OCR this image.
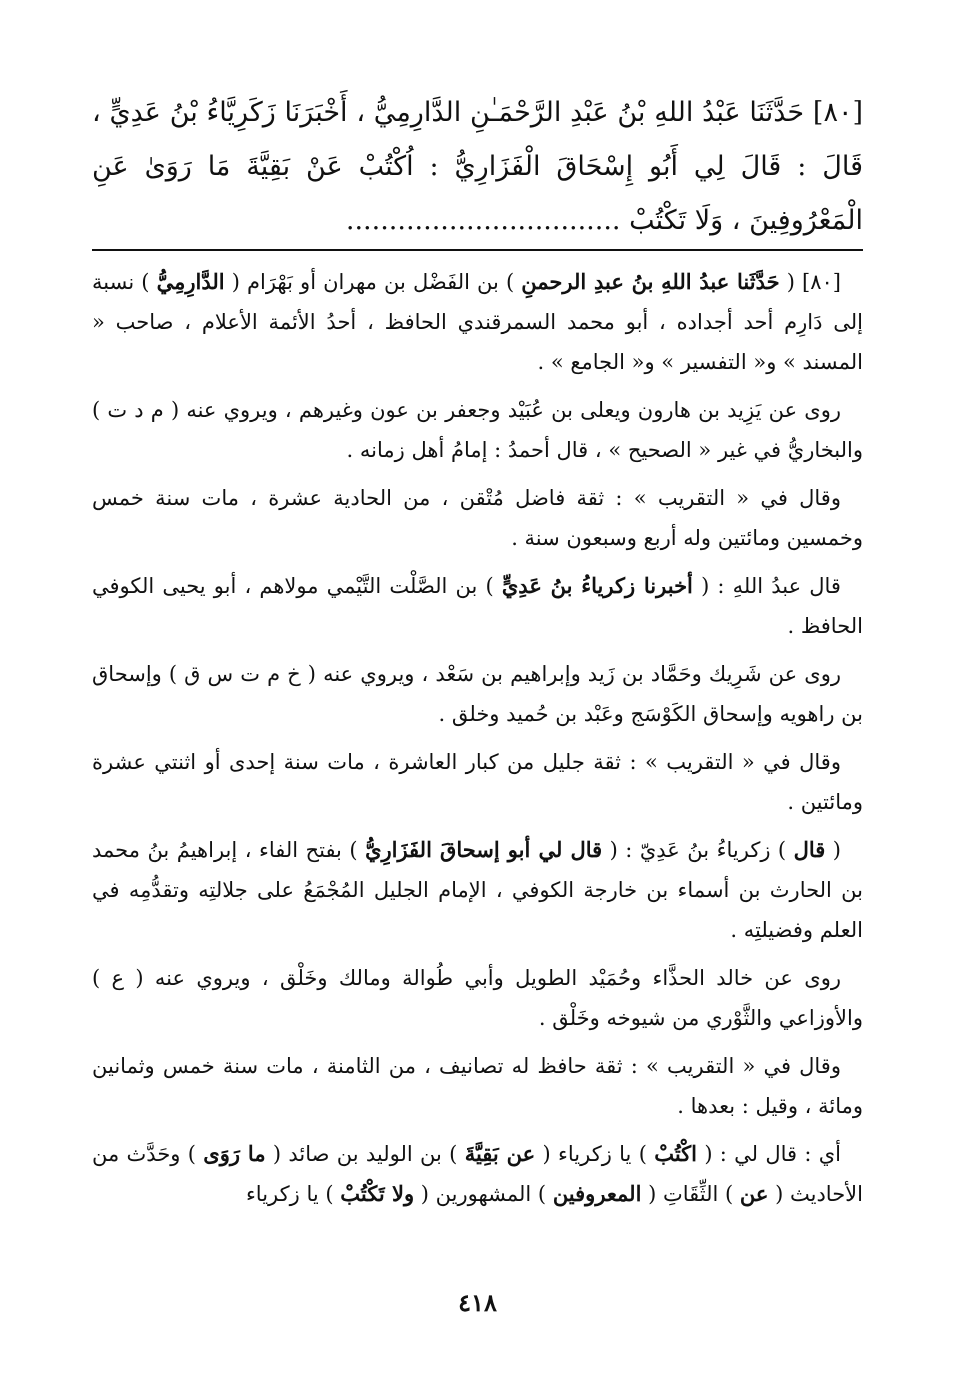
[٨٠] حَدَّثَنَا عَبْدُ اللهِ بْنُ عَبْدِ الرَّحْمَـٰنِ الدَّارِمِيُّ ، أَخْبَرَنَا زَكَرِيَّاءُ بْنُ عَدِيٍّ ، قَالَ : قَالَ لِي أَبُو إِسْحَاقَ الْفَزَارِيُّ : اُكْتُبْ عَنْ بَقِيَّةَ مَا رَوَىٰ عَنِ الْمَعْرُوفِينَ ، وَلَا تَكْتُبْ ................................

[٨٠] ( حَدَّثَنا عبدُ اللهِ بنُ عبدِ الرحمنِ ) بن الفَضْل بن مهران أو بَهْرَام ( الدَّارِمِيُّ ) نسبة إلى دَارِم أحد أجداده ، أبو محمد السمرقندي الحافظ ، أحدُ الأئمة الأعلام ، صاحب « المسند » و« التفسير » و« الجامع » .

روى عن يَزِيد بن هارون ويعلى بن عُبَيْد وجعفر بن عون وغيرهم ، ويروي عنه ( م د ت ) والبخاريُّ في غير « الصحيح » ، قال أحمدُ : إمامُ أهل زمانه .

وقال في « التقريب » : ثقة فاضل مُتْقن ، من الحادية عشرة ، مات سنة خمس وخمسين ومائتين وله أربع وسبعون سنة .

قال عبدُ اللهِ : ( أخبرنا زكرياءُ بنُ عَدِيٍّ ) بن الصَّلْت التَّيْمي مولاهم ، أبو يحيى الكوفي الحافظ .

روى عن شَرِيك وحَمَّاد بن زَيد وإبراهيم بن سَعْد ، ويروي عنه ( خ م ت س ق ) وإسحاق بن راهويه وإسحاق الكَوْسَج وعَبْد بن حُميد وخلق .

وقال في « التقريب » : ثقة جليل من كبار العاشرة ، مات سنة إحدى أو اثنتي عشرة ومائتين .

( قال ) زكرياءُ بنُ عَدِيّ : ( قال لي أبو إسحاقَ الفَزَارِيُّ ) بفتح الفاء ، إبراهيمُ بنُ محمد بن الحارث بن أسماء بن خارجة الكوفي ، الإمام الجليل المُجْمَعُ على جلالتِه وتقدُّمِه في العلم وفضيلتِه .

روى عن خالد الحذَّاء وحُمَيْد الطويل وأبي طُوالة ومالك وخَلْق ، ويروي عنه ( ع ) والأوزاعي والثَّوْري من شيوخه وخَلْق .

وقال في « التقريب » : ثقة حافظ له تصانيف ، من الثامنة ، مات سنة خمس وثمانين ومائة ، وقيل : بعدها .

أي : قال لي : ( اكْتُبْ ) يا زكرياء ( عن بَقِيَّةَ ) بن الوليد بن صائد ( ما رَوَى ) وحَدَّث من الأحاديث ( عن ) الثِّقَاتِ ( المعروفين ) المشهورين ( ولا تَكْتُبْ ) يا زكرياء

٤١٨
